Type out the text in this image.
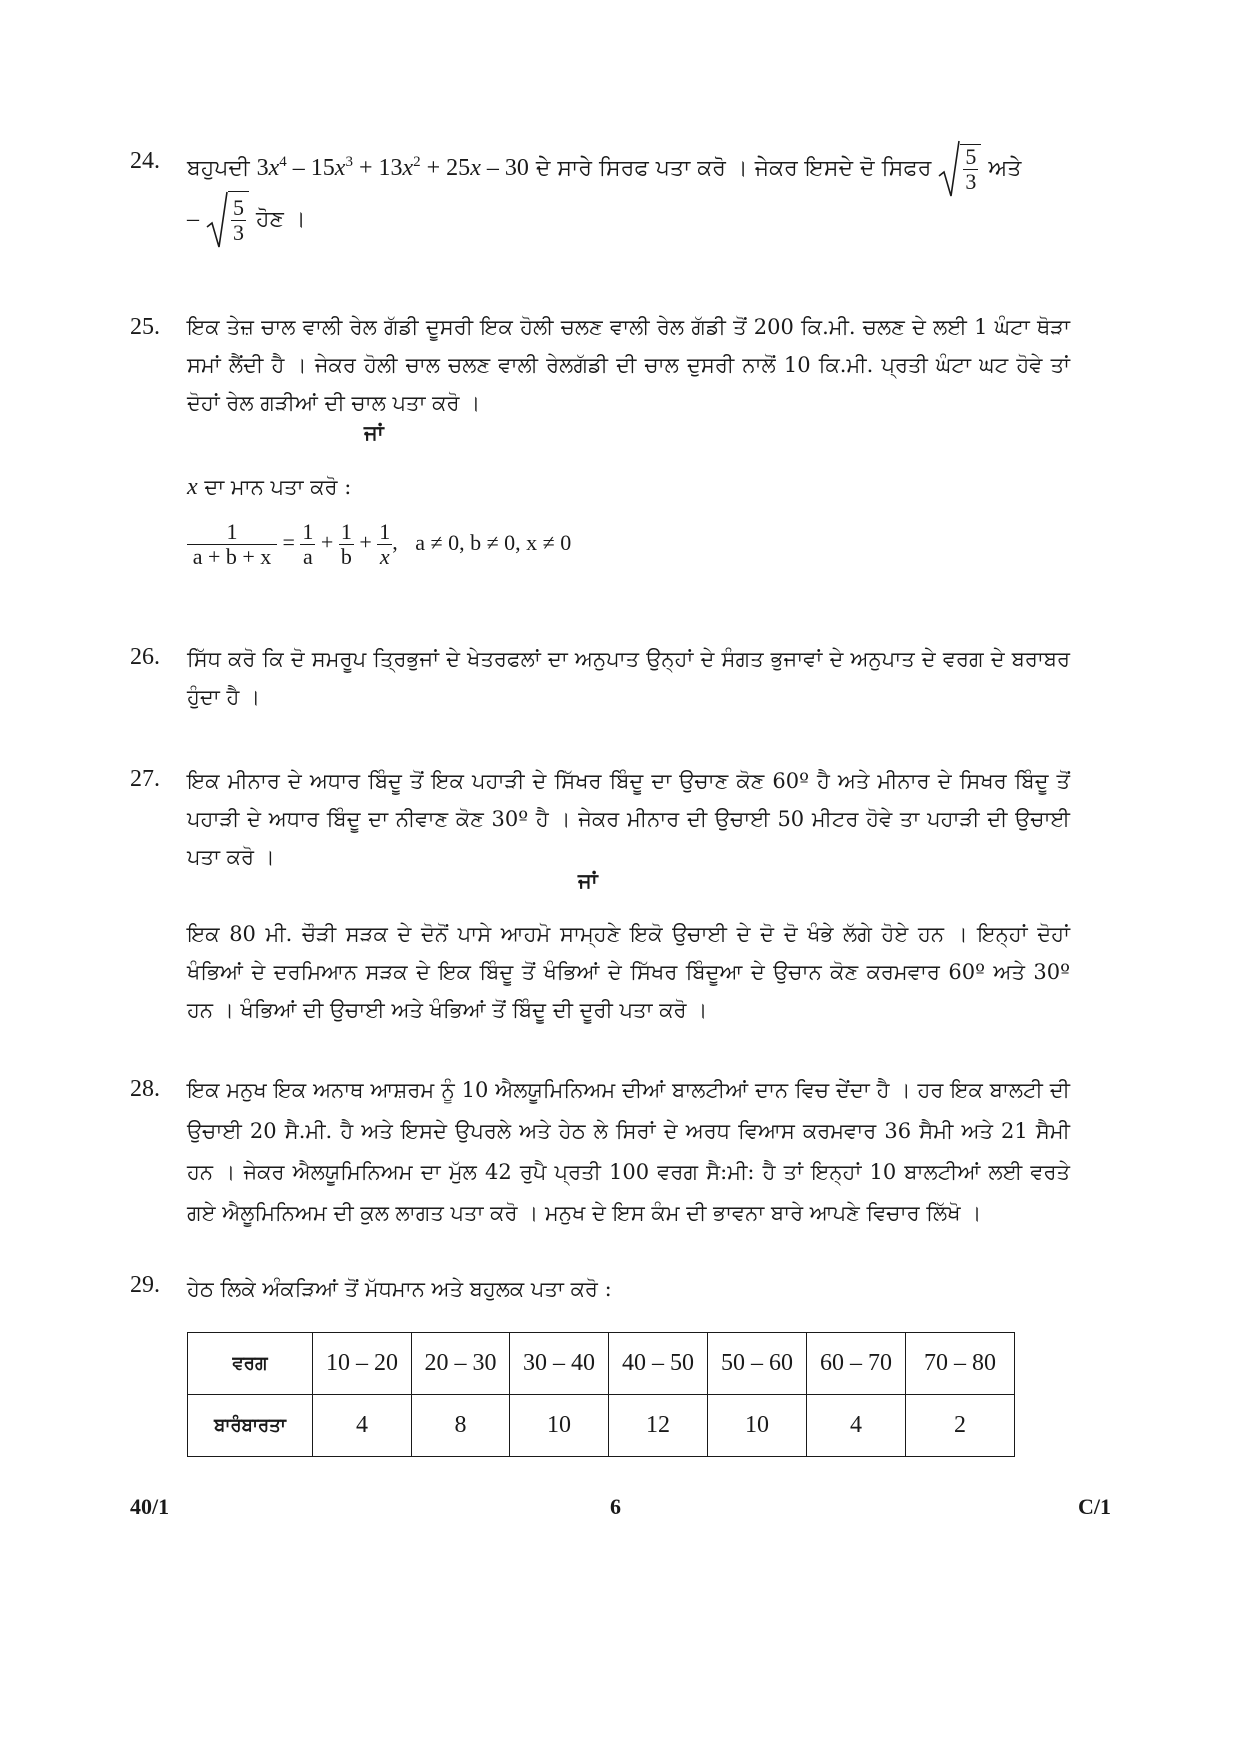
24.	ਬਹੁਪਦੀ $3x^4 - 15x^3 + 13x^2 + 25x - 30$ ਦੇ ਸਾਰੇ ਸਿਰਫ ਪਤਾ ਕਰੋ । ਜੇਕਰ ਇਸਦੇ ਦੋ ਸਿਫਰ $\frac{5}{3}$ ਅਤੇ
– $\frac{5}{3}$ ਹੋਣ ।
25.	ਇਕ ਤੇਜ਼ ਚਾਲ ਵਾਲੀ ਰੇਲ ਗੱਡੀ ਦੂਸਰੀ ਇਕ ਹੋਲੀ ਚਲਣ ਵਾਲੀ ਰੇਲ ਗੱਡੀ ਤੋਂ 200 ਕਿ.ਮੀ. ਚਲਣ ਦੇ ਲਈ 1 ਘੰਟਾ ਥੋੜਾ ਸਮਾਂ ਲੈਂਦੀ ਹੈ । ਜੇਕਰ ਹੋਲੀ ਚਾਲ ਚਲਣ ਵਾਲੀ ਰੇਲਗੱਡੀ ਦੀ ਚਾਲ ਦੁਸਰੀ ਨਾਲੋਂ 10 ਕਿ.ਮੀ. ਪ੍ਰਤੀ ਘੰਟਾ ਘਟ ਹੋਵੇ ਤਾਂ ਦੋਹਾਂ ਰੇਲ ਗੜੀਆਂ ਦੀ ਚਾਲ ਪਤਾ ਕਰੋ ।
ਜਾਂ
x ਦਾ ਮਾਨ ਪਤਾ ਕਰੋ :
$\frac{1}{a + b + x} = \frac{1}{a} + \frac{1}{b} + \frac{1}{x}$ , a ≠ 0, b ≠ 0, x ≠ 0
26.	ਸਿੱਧ ਕਰੋ ਕਿ ਦੋ ਸਮਰੂਪ ਤ੍ਰਿਭੁਜਾਂ ਦੇ ਖੇਤਰਫਲਾਂ ਦਾ ਅਨੁਪਾਤ ਉਨ੍ਹਾਂ ਦੇ ਸੰਗਤ ਭੁਜਾਵਾਂ ਦੇ ਅਨੁਪਾਤ ਦੇ ਵਰਗ ਦੇ ਬਰਾਬਰ ਹੁੰਦਾ ਹੈ ।
27.	ਇਕ ਮੀਨਾਰ ਦੇ ਅਧਾਰ ਬਿੰਦੂ ਤੋਂ ਇਕ ਪਹਾੜੀ ਦੇ ਸਿੱਖਰ ਬਿੰਦੂ ਦਾ ਉਚਾਣ ਕੋਣ 60º ਹੈ ਅਤੇ ਮੀਨਾਰ ਦੇ ਸਿਖਰ ਬਿੰਦੂ ਤੋਂ ਪਹਾੜੀ ਦੇ ਅਧਾਰ ਬਿੰਦੂ ਦਾ ਨੀਵਾਣ ਕੋਣ 30º ਹੈ । ਜੇਕਰ ਮੀਨਾਰ ਦੀ ਉਚਾਈ 50 ਮੀਟਰ ਹੋਵੇ ਤਾ ਪਹਾੜੀ ਦੀ ਉਚਾਈ ਪਤਾ ਕਰੋ ।
ਜਾਂ
ਇਕ 80 ਮੀ. ਚੌੜੀ ਸੜਕ ਦੇ ਦੋਨੋਂ ਪਾਸੇ ਆਹਮੋ ਸਾਮ੍ਹਣੇ ਇਕੋ ਉਚਾਈ ਦੇ ਦੋ ਦੋ ਖੰਭੇ ਲੱਗੇ ਹੋਏ ਹਨ । ਇਨ੍ਹਾਂ ਦੋਹਾਂ ਖੰਭਿਆਂ ਦੇ ਦਰਮਿਆਨ ਸੜਕ ਦੇ ਇਕ ਬਿੰਦੂ ਤੋਂ ਖੰਭਿਆਂ ਦੇ ਸਿੱਖਰ ਬਿੰਦੂਆ ਦੇ ਉਚਾਨ ਕੋਣ ਕਰਮਵਾਰ 60º ਅਤੇ 30º ਹਨ । ਖੰਭਿਆਂ ਦੀ ਉਚਾਈ ਅਤੇ ਖੰਭਿਆਂ ਤੋਂ ਬਿੰਦੂ ਦੀ ਦੂਰੀ ਪਤਾ ਕਰੋ ।
28.	ਇਕ ਮਨੁਖ ਇਕ ਅਨਾਥ ਆਸ਼ਰਮ ਨੂੰ 10 ਐਲਯੂਮਿਨਿਅਮ ਦੀਆਂ ਬਾਲਟੀਆਂ ਦਾਨ ਵਿਚ ਦੇਂਦਾ ਹੈ । ਹਰ ਇਕ ਬਾਲਟੀ ਦੀ ਉਚਾਈ 20 ਸੈ.ਮੀ. ਹੈ ਅਤੇ ਇਸਦੇ ਉਪਰਲੇ ਅਤੇ ਹੇਠ ਲੇ ਸਿਰਾਂ ਦੇ ਅਰਧ ਵਿਆਸ ਕਰਮਵਾਰ 36 ਸੈਮੀ ਅਤੇ 21 ਸੈਮੀ ਹਨ । ਜੇਕਰ ਐਲਯੂਮਿਨਿਅਮ ਦਾ ਮੁੱਲ 42 ਰੁਪੈ ਪ੍ਰਤੀ 100 ਵਰਗ ਸੈ:ਮੀ: ਹੈ ਤਾਂ ਇਨ੍ਹਾਂ 10 ਬਾਲਟੀਆਂ ਲਈ ਵਰਤੇ ਗਏ ਐਲੂਮਿਨਿਅਮ ਦੀ ਕੁਲ ਲਾਗਤ ਪਤਾ ਕਰੋ । ਮਨੁਖ ਦੇ ਇਸ ਕੰਮ ਦੀ ਭਾਵਨਾ ਬਾਰੇ ਆਪਣੇ ਵਿਚਾਰ ਲਿੱਖੋ ।
29.	ਹੇਠ ਲਿਕੇ ਅੰਕੜਿਆਂ ਤੋਂ ਮੱਧਮਾਨ ਅਤੇ ਬਹੁਲਕ ਪਤਾ ਕਰੋ :
ਵਰਗ	10 – 20	20 – 30	30 – 40	40 – 50	50 – 60	60 – 70	70 – 80
ਬਾਰੰਬਾਰਤਾ	4	8	10	12	10	4	2
40/1	6	C/1
